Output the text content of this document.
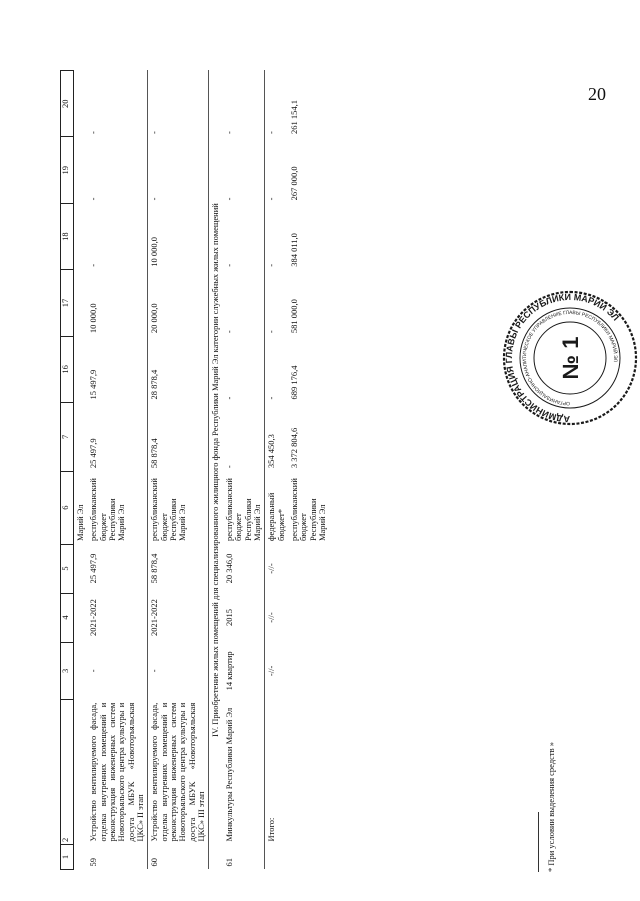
20
1	2	3	4	5	6	7	16	17	18	19	20
					Марий Эл						
59	Устройство вентилируемого фасада, отделка внутренних помещений и реконструкция инженерных систем Новоторъяльского центра культуры и досуга МБУК «Новоторъяльская ЦКС» II этап	-	2021-2022	25 497,9	республиканский бюджет Республики Марий Эл	25 497,9	15 497,9	10 000,0	-	-	-
60	Устройство вентилируемого фасада, отделка внутренних помещений и реконструкция инженерных систем Новоторъяльского центра культуры и досуга МБУК «Новоторъяльская ЦКС» III этап	-	2021-2022	58 878,4	республиканский бюджет Республики Марий Эл	58 878,4	28 878,4	20 000,0	10 000,0	-	-
IV. Приобретение жилых помещений для специализированного жилищного фонда Республики Марий Эл категории служебных жилых помещений											
61	Минкультуры Республики Марий Эл	14 квартир	2015	20 346,0	республиканский бюджет Республики Марий Эл	-	-	-	-	-	-
	Итого:	-//-	-//-	-//-	федеральный бюджет*	354 450,3	-	-	-	-	-
					республиканский бюджет Республики Марий Эл	3 372 804,6	689 176,4	581 000,0	384 011,0	267 000,0	261 154,1
АДМИНИСТРАЦИЯ ГЛАВЫ РЕСПУБЛИКИ МАРИЙ ЭЛ
ОРГАНИЗАЦИОННО-АНАЛИТИЧЕСКОЕ УПРАВЛЕНИЕ ГЛАВЫ РЕСПУБЛИКИ МАРИЙ ЭЛ
№ 1
* При условии выделения средств »
